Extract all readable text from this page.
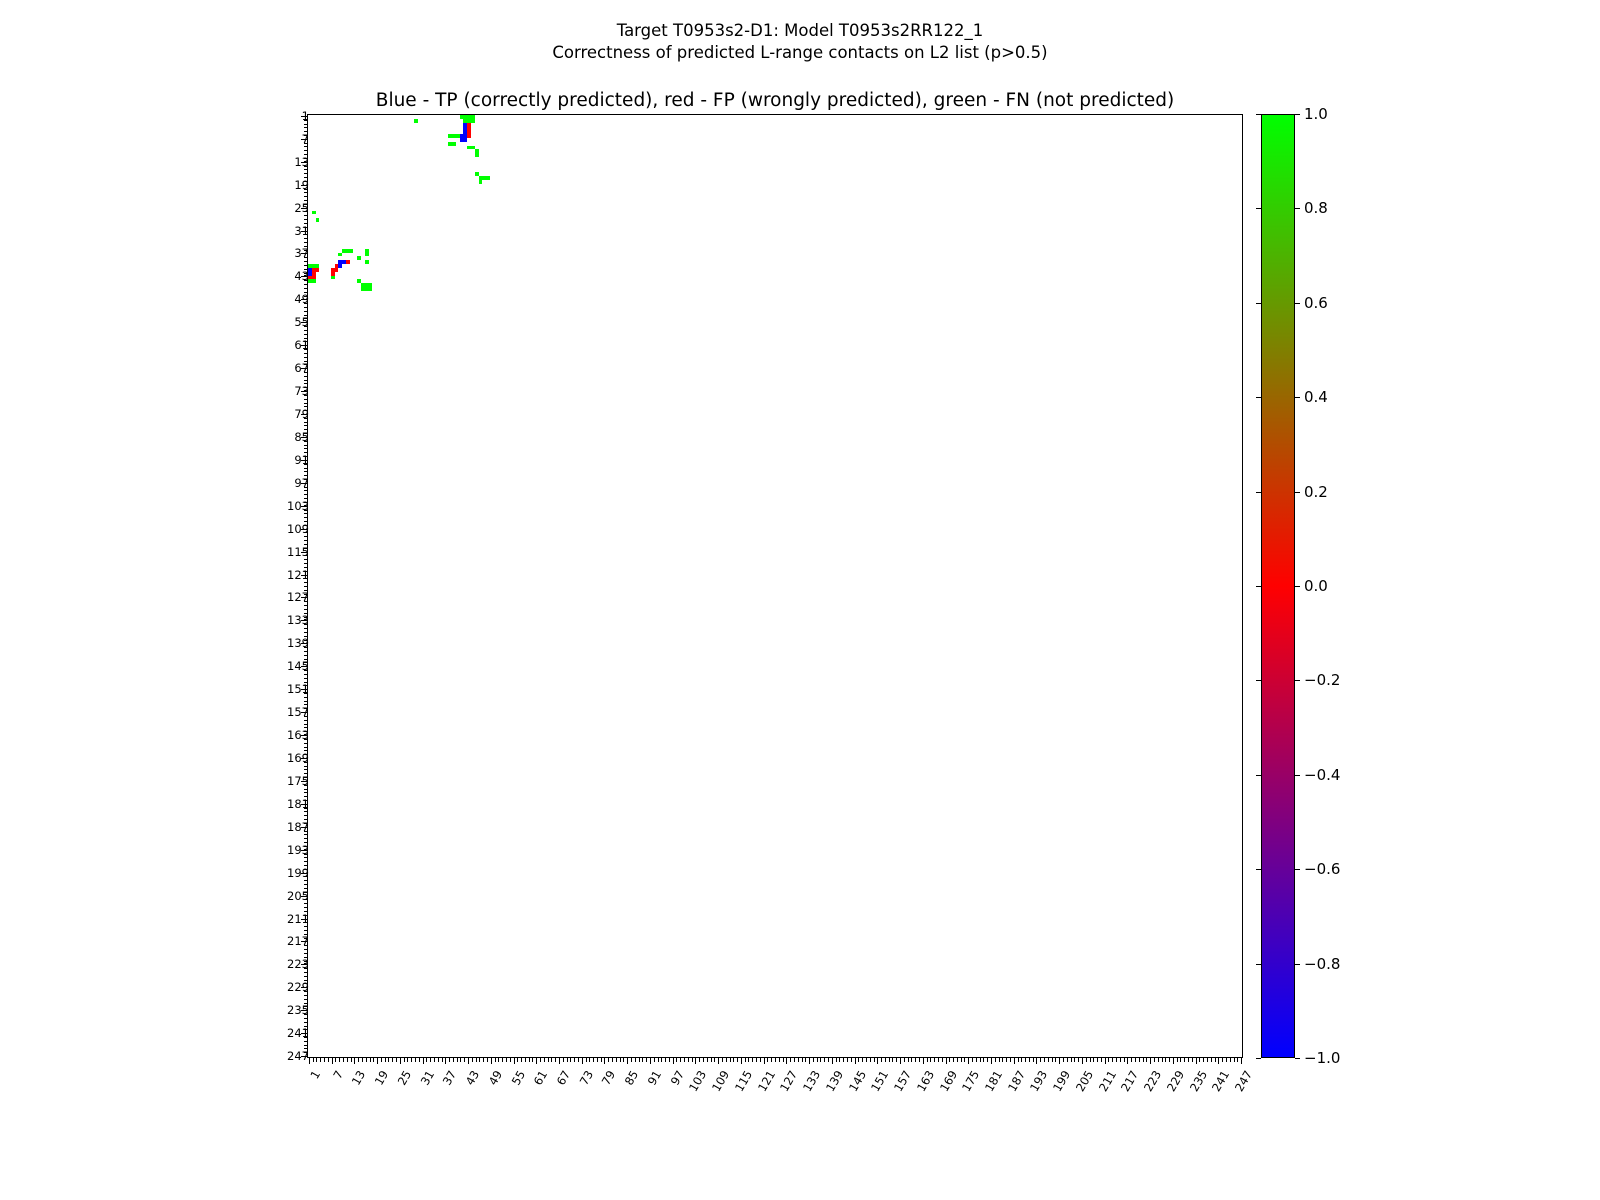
Target T0953s2-D1: Model T0953s2RR122_1
Correctness of predicted L-range contacts on L2 list (p>0.5)
Blue - TP (correctly predicted), red - FP (wrongly predicted), green - FN (not predicted)
1
7
13
19
25
31
37
43
49
55
61
67
73
79
85
91
97
103
109
115
121
127
133
139
145
151
157
163
169
175
181
187
193
199
205
211
217
223
229
235
241
247
1 7 13 19 25 31 37 43 49 55 61 67 73 79 85 91 97 103 109 115 121 127 133 139 145 151 157 163 169 175 181 187 193 199 205 211 217 223 229 235 241 247
1.0
0.8
0.6
0.4
0.2
0.0
−0.2
−0.4
−0.6
−0.8
−1.0
